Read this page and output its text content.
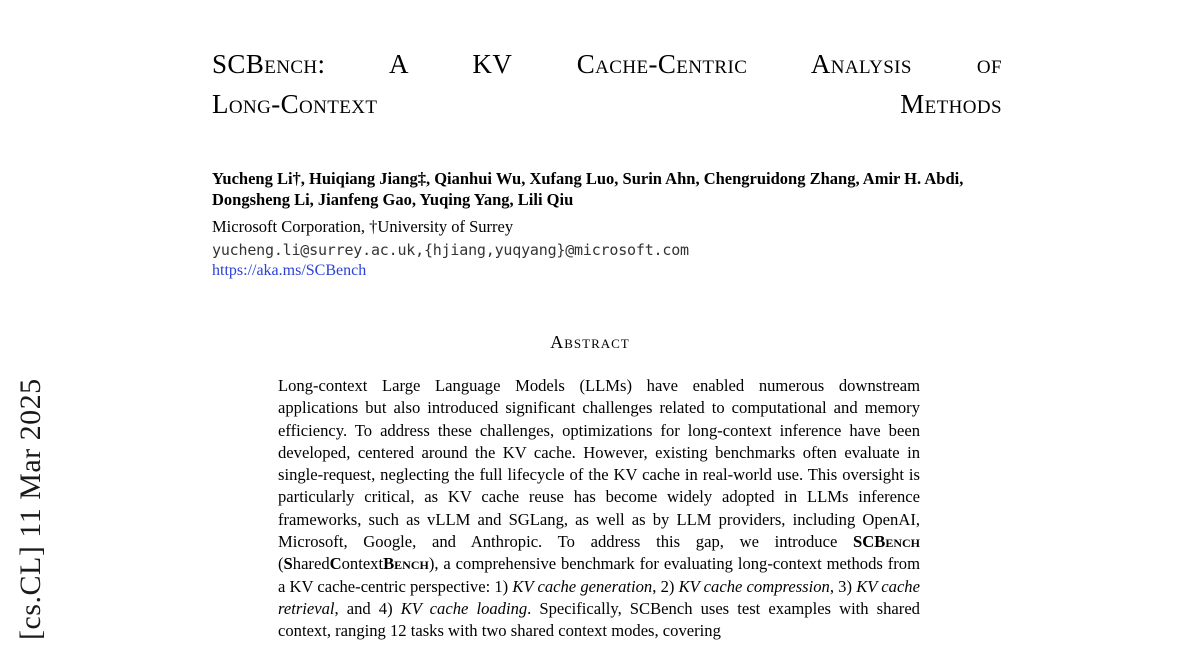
[cs.CL] 11 Mar 2025
SCBench: A KV Cache-Centric Analysis of
Long-Context Methods
Yucheng Li†, Huiqiang Jiang‡, Qianhui Wu, Xufang Luo, Surin Ahn, Chengruidong Zhang, Amir H. Abdi, Dongsheng Li, Jianfeng Gao, Yuqing Yang, Lili Qiu
Microsoft Corporation, †University of Surrey
yucheng.li@surrey.ac.uk,{hjiang,yuqyang}@microsoft.com
https://aka.ms/SCBench
Abstract
Long-context Large Language Models (LLMs) have enabled numerous downstream applications but also introduced significant challenges related to computational and memory efficiency. To address these challenges, optimizations for long-context inference have been developed, centered around the KV cache. However, existing benchmarks often evaluate in single-request, neglecting the full lifecycle of the KV cache in real-world use. This oversight is particularly critical, as KV cache reuse has become widely adopted in LLMs inference frameworks, such as vLLM and SGLang, as well as by LLM providers, including OpenAI, Microsoft, Google, and Anthropic. To address this gap, we introduce SCBench (SharedContextBench), a comprehensive benchmark for evaluating long-context methods from a KV cache-centric perspective: 1) KV cache generation, 2) KV cache compression, 3) KV cache retrieval, and 4) KV cache loading. Specifically, SCBench uses test examples with shared context, ranging 12 tasks with two shared context modes, covering
